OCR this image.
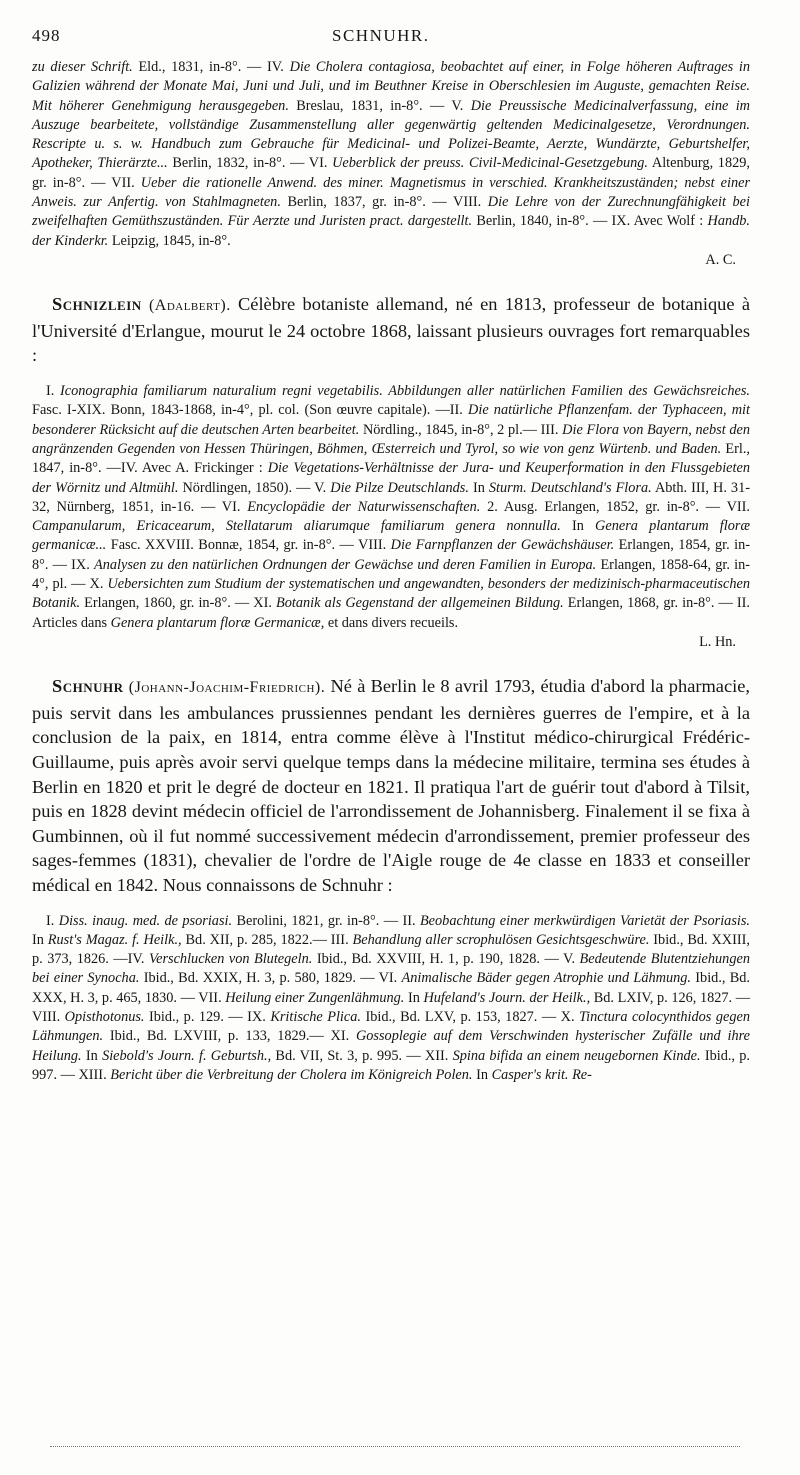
498	SCHNUHR.
zu dieser Schrift. Eld., 1831, in-8°. — IV. Die Cholera contagiosa, beobachtet auf einer, in Folge höheren Auftrages in Galizien während der Monate Mai, Juni und Juli, und im Beuthner Kreise in Oberschlesien im Auguste, gemachten Reise. Mit höherer Genehmigung herausgegeben. Breslau, 1831, in-8°. — V. Die Preussische Medicinalverfassung, eine im Auszuge bearbeitete, vollständige Zusammenstellung aller gegenwärtig geltenden Medicinalgesetze, Verordnungen. Rescripte u. s. w. Handbuch zum Gebrauche für Medicinal- und Polizei-Beamte, Aerzte, Wundärzte, Geburtshelfer, Apotheker, Thierärzte... Berlin, 1832, in-8°. — VI. Ueberblick der preuss. Civil-Medicinal-Gesetzgebung. Altenburg, 1829, gr. in-8°. — VII. Ueber die rationelle Anwend. des miner. Magnetismus in verschied. Krankheitszuständen; nebst einer Anweis. zur Anfertig. von Stahlmagneten. Berlin, 1837, gr. in-8°. — VIII. Die Lehre von der Zurechnungfähigkeit bei zweifelhaften Gemüthszuständen. Für Aerzte und Juristen pract. dargestellt. Berlin, 1840, in-8°. — IX. Avec Wolf : Handb. der Kinderkr. Leipzig, 1845, in-8°.
A. C.

Schnizlein (Adalbert). Célèbre botaniste allemand, né en 1813, professeur de botanique à l'Université d'Erlangue, mourut le 24 octobre 1868, laissant plusieurs ouvrages fort remarquables :

I. Iconographia familiarum naturalium regni vegetabilis. Abbildungen aller natürlichen Familien des Gewächsreiches. Fasc. I-XIX. Bonn, 1843-1868, in-4°, pl. col. (Son œuvre capitale). —II. Die natürliche Pflanzenfam. der Typhaceen, mit besonderer Rücksicht auf die deutschen Arten bearbeitet. Nördling., 1845, in-8°, 2 pl.— III. Die Flora von Bayern, nebst den angränzenden Gegenden von Hessen Thüringen, Böhmen, Œsterreich und Tyrol, so wie von genz Würtenb. und Baden. Erl., 1847, in-8°. —IV. Avec A. Frickinger : Die Vegetations-Verhältnisse der Jura- und Keuperformation in den Flussgebieten der Wörnitz und Altmühl. Nördlingen, 1850). — V. Die Pilze Deutschlands. In Sturm. Deutschland's Flora. Abth. III, H. 31-32, Nürnberg, 1851, in-16. — VI. Encyclopädie der Naturwissenschaften. 2. Ausg. Erlangen, 1852, gr. in-8°. — VII. Campanularum, Ericacearum, Stellatarum aliarumque familiarum genera nonnulla. In Genera plantarum floræ germanicæ... Fasc. XXVIII. Bonnæ, 1854, gr. in-8°. — VIII. Die Farnpflanzen der Gewächshäuser. Erlangen, 1854, gr. in-8°. — IX. Analysen zu den natürlichen Ordnungen der Gewächse und deren Familien in Europa. Erlangen, 1858-64, gr. in-4°, pl. — X. Uebersichten zum Studium der systematischen und angewandten, besonders der medizinisch-pharmaceutischen Botanik. Erlangen, 1860, gr. in-8°. — XI. Botanik als Gegenstand der allgemeinen Bildung. Erlangen, 1868, gr. in-8°. — II. Articles dans Genera plantarum floræ Germanicæ, et dans divers recueils.
L. Hn.

Schnuhr (Johann-Joachim-Friedrich). Né à Berlin le 8 avril 1793, étudia d'abord la pharmacie, puis servit dans les ambulances prussiennes pendant les dernières guerres de l'empire, et à la conclusion de la paix, en 1814, entra comme élève à l'Institut médico-chirurgical Frédéric-Guillaume, puis après avoir servi quelque temps dans la médecine militaire, termina ses études à Berlin en 1820 et prit le degré de docteur en 1821. Il pratiqua l'art de guérir tout d'abord à Tilsit, puis en 1828 devint médecin officiel de l'arrondissement de Johannisberg. Finalement il se fixa à Gumbinnen, où il fut nommé successivement médecin d'arrondissement, premier professeur des sages-femmes (1831), chevalier de l'ordre de l'Aigle rouge de 4e classe en 1833 et conseiller médical en 1842. Nous connaissons de Schnuhr :

I. Diss. inaug. med. de psoriasi. Berolini, 1821, gr. in-8°. — II. Beobachtung einer merkwürdigen Varietät der Psoriasis. In Rust's Magaz. f. Heilk., Bd. XII, p. 285, 1822.— III. Behandlung aller scrophulösen Gesichtsgeschwüre. Ibid., Bd. XXIII, p. 373, 1826. —IV. Verschlucken von Blutegeln. Ibid., Bd. XXVIII, H. 1, p. 190, 1828. — V. Bedeutende Blutentziehungen bei einer Synocha. Ibid., Bd. XXIX, H. 3, p. 580, 1829. — VI. Animalische Bäder gegen Atrophie und Lähmung. Ibid., Bd. XXX, H. 3, p. 465, 1830. — VII. Heilung einer Zungenlähmung. In Hufeland's Journ. der Heilk., Bd. LXIV, p. 126, 1827. — VIII. Opisthotonus. Ibid., p. 129. — IX. Kritische Plica. Ibid., Bd. LXV, p. 153, 1827. — X. Tinctura colocynthidos gegen Lähmungen. Ibid., Bd. LXVIII, p. 133, 1829.— XI. Gossoplegie auf dem Verschwinden hysterischer Zufälle und ihre Heilung. In Siebold's Journ. f. Geburtsh., Bd. VII, St. 3, p. 995. — XII. Spina bifida an einem neugebornen Kinde. Ibid., p. 997. — XIII. Bericht über die Verbreitung der Cholera im Königreich Polen. In Casper's krit. Re-
